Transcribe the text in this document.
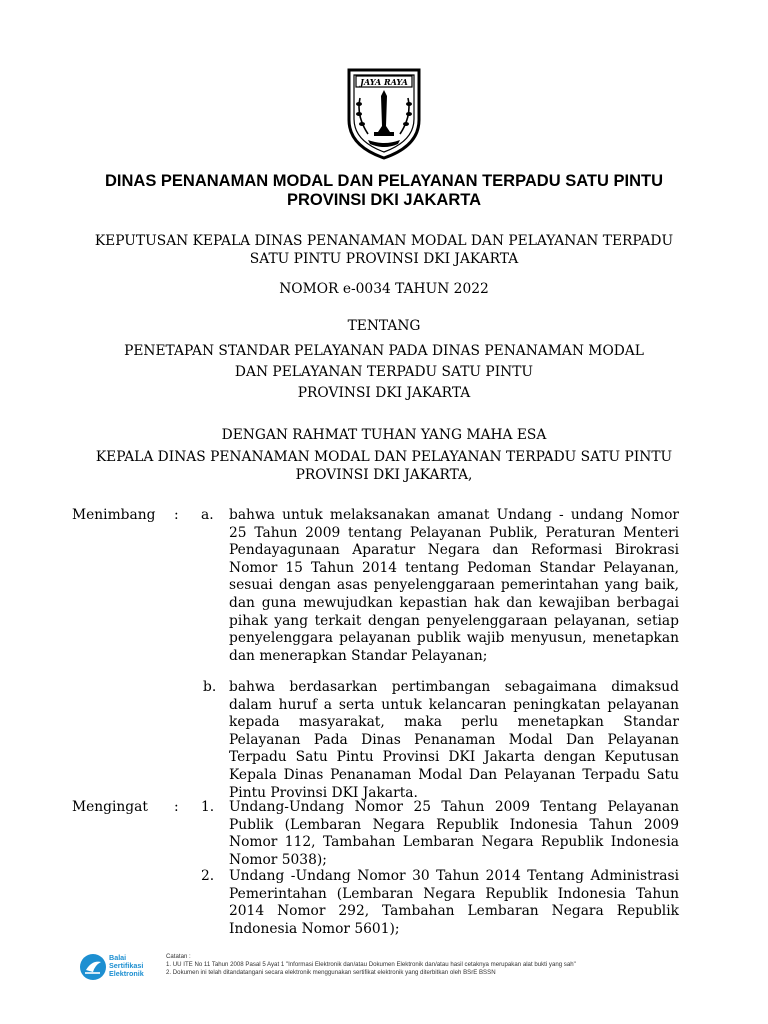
JAYA RAYA
DINAS PENANAMAN MODAL DAN PELAYANAN TERPADU SATU PINTU
PROVINSI DKI JAKARTA
KEPUTUSAN KEPALA DINAS PENANAMAN MODAL DAN PELAYANAN TERPADU
SATU PINTU PROVINSI DKI JAKARTA
NOMOR e-0034 TAHUN 2022
TENTANG
PENETAPAN STANDAR PELAYANAN PADA DINAS PENANAMAN MODAL
DAN PELAYANAN TERPADU SATU PINTU
PROVINSI DKI JAKARTA
DENGAN RAHMAT TUHAN YANG MAHA ESA
KEPALA DINAS PENANAMAN MODAL DAN PELAYANAN TERPADU SATU PINTU
PROVINSI DKI JAKARTA,
Menimbang : a. bahwa untuk melaksanakan amanat Undang - undang Nomor 25 Tahun 2009 tentang Pelayanan Publik, Peraturan Menteri Pendayagunaan Aparatur Negara dan Reformasi Birokrasi Nomor 15 Tahun 2014 tentang Pedoman Standar Pelayanan, sesuai dengan asas penyelenggaraan pemerintahan yang baik, dan guna mewujudkan kepastian hak dan kewajiban berbagai pihak yang terkait dengan penyelenggaraan pelayanan, setiap penyelenggara pelayanan publik wajib menyusun, menetapkan dan menerapkan Standar Pelayanan;
b. bahwa berdasarkan pertimbangan sebagaimana dimaksud dalam huruf a serta untuk kelancaran peningkatan pelayanan kepada masyarakat, maka perlu menetapkan Standar Pelayanan Pada Dinas Penanaman Modal Dan Pelayanan Terpadu Satu Pintu Provinsi DKI Jakarta dengan Keputusan Kepala Dinas Penanaman Modal Dan Pelayanan Terpadu Satu Pintu Provinsi DKI Jakarta.
Mengingat : 1. Undang-Undang Nomor 25 Tahun 2009 Tentang Pelayanan Publik (Lembaran Negara Republik Indonesia Tahun 2009 Nomor 112, Tambahan Lembaran Negara Republik Indonesia Nomor 5038);
2. Undang -Undang Nomor 30 Tahun 2014 Tentang Administrasi Pemerintahan (Lembaran Negara Republik Indonesia Tahun 2014 Nomor 292, Tambahan Lembaran Negara Republik Indonesia Nomor 5601);
Balai
Sertifikasi
Elektronik
Catatan :
1. UU ITE No 11 Tahun 2008 Pasal 5 Ayat 1 "Informasi Elektronik dan/atau Dokumen Elektronik dan/atau hasil cetaknya merupakan alat bukti yang sah"
2. Dokumen ini telah ditandatangani secara elektronik menggunakan sertifikat elektronik yang diterbitkan oleh BSrE BSSN
